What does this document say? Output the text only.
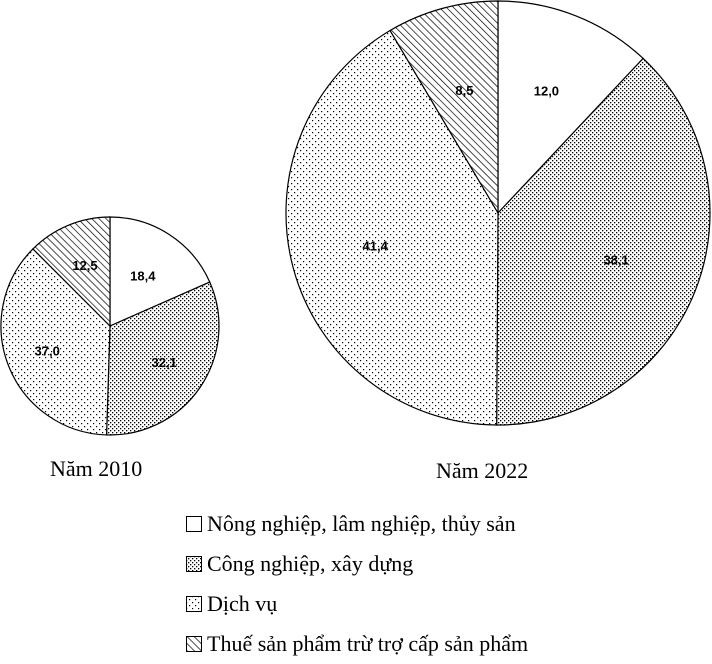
18,4
32,1
37,0
12,5
12,0
38,1
41,4
8,5
Năm 2010	Năm 2022
Nông nghiệp, lâm nghiệp, thủy sản
Công nghiệp, xây dựng
Dịch vụ
Thuế sản phẩm trừ trợ cấp sản phẩm
